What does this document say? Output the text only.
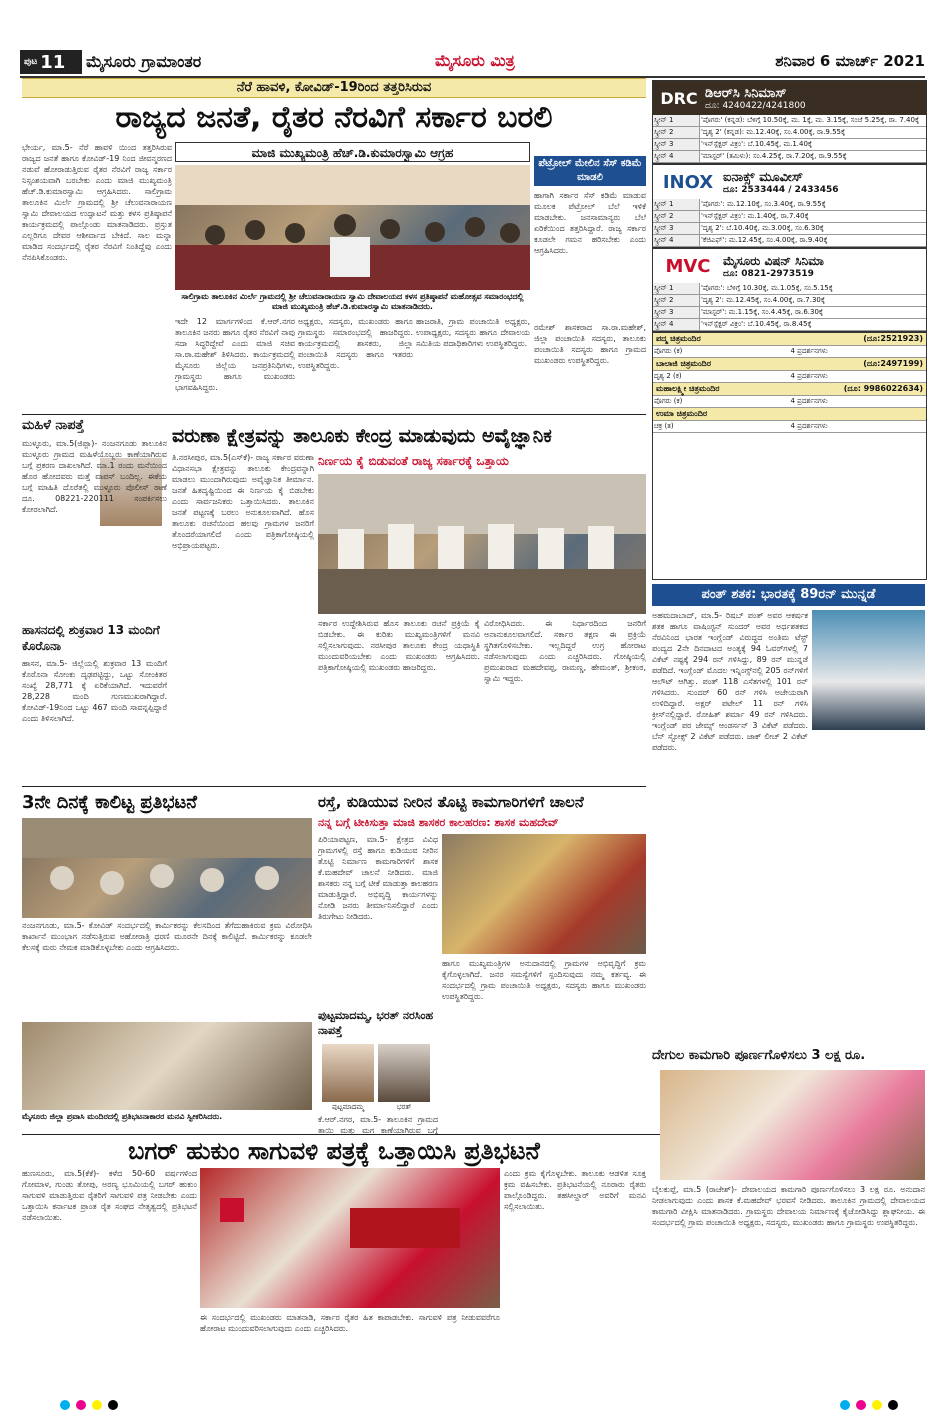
ಪುಟ 11 ಮೈಸೂರು ಗ್ರಾಮಾಂತರ	ಮೈಸೂರು ಮಿತ್ರ	ಶನಿವಾರ 6 ಮಾರ್ಚ್ 2021
ನೆರೆ ಹಾವಳಿ, ಕೋವಿಡ್-19ರಿಂದ ತತ್ತರಿಸಿರುವ
ರಾಜ್ಯದ ಜನತೆ, ರೈತರ ನೆರವಿಗೆ ಸರ್ಕಾರ ಬರಲಿ
ಭೇರ್ಯ, ಮಾ.5- ನೆರೆ ಹಾವಳಿ ಯಿಂದ ತತ್ತರಿಸಿರುವ ರಾಜ್ಯದ ಜನತೆ ಹಾಗೂ ಕೋವಿಡ್-19 ನಿಂದ ಜೀವನ್ಮರಣದ ನಡುವೆ ಹೋರಾಡುತ್ತಿರುವ ರೈತರ ನೆರವಿಗೆ ರಾಜ್ಯ ಸರ್ಕಾರ ನಿಸ್ಸಂಶಯವಾಗಿ ಬರಬೇಕು ಎಂದು ಮಾಜಿ ಮುಖ್ಯಮಂತ್ರಿ ಹೆಚ್.ಡಿ.ಕುಮಾರಸ್ವಾಮಿ ಆಗ್ರಹಿಸಿದರು. ಸಾಲಿಗ್ರಾಮ ತಾಲೂಕಿನ ಮಿರ್ಲೆ ಗ್ರಾಮದಲ್ಲಿ ಶ್ರೀ ಚೆಲುವನಾರಾಯಣ ಸ್ವಾಮಿ ದೇವಾಲಯದ ಉದ್ಘಾಟನೆ ಮತ್ತು ಕಳಸ ಪ್ರತಿಷ್ಠಾಪನೆ ಕಾರ್ಯಕ್ರಮದಲ್ಲಿ ಪಾಲ್ಗೊಂಡು ಮಾತನಾಡಿದರು. ಪ್ರಸ್ತುತ ಎಲ್ಲರಿಗೂ ದೇವರ ಆಶೀರ್ವಾದ ಬೇಕಿದೆ. ಸಾಲ ಮನ್ನಾ ಮಾಡಿದ ಸಂದರ್ಭದಲ್ಲಿ ರೈತರ ನೆರವಿಗೆ ನಿಂತಿದ್ದೆವು ಎಂದು ನೆನಪಿಸಿಕೊಂಡರು.
ಮಾಜಿ ಮುಖ್ಯಮಂತ್ರಿ ಹೆಚ್.ಡಿ.ಕುಮಾರಸ್ವಾಮಿ ಆಗ್ರಹ
ಸಾಲಿಗ್ರಾಮ ತಾಲೂಕಿನ ಮಿರ್ಲೆ ಗ್ರಾಮದಲ್ಲಿ ಶ್ರೀ ಚೆಲುವನಾರಾಯಣ ಸ್ವಾಮಿ ದೇವಾಲಯದ ಕಳಸ ಪ್ರತಿಷ್ಠಾಪನೆ ಮಹೋತ್ಸವ ಸಮಾರಂಭದಲ್ಲಿ ಮಾಜಿ ಮುಖ್ಯಮಂತ್ರಿ ಹೆಚ್.ಡಿ.ಕುಮಾರಸ್ವಾಮಿ ಮಾತನಾಡಿದರು.
ಇದೇ 12 ಮಾರ್ಗಗಳಿಂದ ಕೆ.ಆರ್.ನಗರ ತಾಲೂಕಿನ ಜನರು ಹಾಗೂ ರೈತರ ನೆರವಿಗೆ ನಾವು ಸದಾ ಸಿದ್ಧರಿದ್ದೇವೆ ಎಂದು ಮಾಜಿ ಸಚಿವ ಸಾ.ರಾ.ಮಹೇಶ್ ತಿಳಿಸಿದರು. ಕಾರ್ಯಕ್ರಮದಲ್ಲಿ ಮೈಸೂರು ಜಿಲ್ಲೆಯ ಜನಪ್ರತಿನಿಧಿಗಳು, ಗ್ರಾಮಸ್ಥರು ಹಾಗೂ ಮುಖಂಡರು ಭಾಗವಹಿಸಿದ್ದರು.
ಅಧ್ಯಕ್ಷರು, ಸದಸ್ಯರು, ಮುಖಂಡರು ಹಾಗೂ ಗ್ರಾಮಸ್ಥರು ಸಮಾರಂಭದಲ್ಲಿ ಹಾಜರಿದ್ದರು. ಕಾರ್ಯಕ್ರಮದಲ್ಲಿ ಶಾಸಕರು, ಜಿಲ್ಲಾ ಪಂಚಾಯಿತಿ ಸದಸ್ಯರು ಹಾಗೂ ಇತರರು ಉಪಸ್ಥಿತರಿದ್ದರು.
ಹಾಜರಾತಿ, ಗ್ರಾಮ ಪಂಚಾಯಿತಿ ಅಧ್ಯಕ್ಷರು, ಉಪಾಧ್ಯಕ್ಷರು, ಸದಸ್ಯರು ಹಾಗೂ ದೇವಾಲಯ ಸಮಿತಿಯ ಪದಾಧಿಕಾರಿಗಳು ಉಪಸ್ಥಿತರಿದ್ದರು.
ಪೆಟ್ರೋಲ್ ಮೇಲಿನ ಸೆಸ್ ಕಡಿಮೆ ಮಾಡಲಿ
ಹಾಗಾಗಿ ಸರ್ಕಾರ ಸೆಸ್ ಕಡಿಮೆ ಮಾಡುವ ಮೂಲಕ ಪೆಟ್ರೋಲ್ ಬೆಲೆ ಇಳಿಕೆ ಮಾಡಬೇಕು. ಜನಸಾಮಾನ್ಯರು ಬೆಲೆ ಏರಿಕೆಯಿಂದ ತತ್ತರಿಸಿದ್ದಾರೆ. ರಾಜ್ಯ ಸರ್ಕಾರ ಕೂಡಲೇ ಗಮನ ಹರಿಸಬೇಕು ಎಂದು ಆಗ್ರಹಿಸಿದರು.
ರಮೇಶ್ ಶಾಸಕರಾದ ಸಾ.ರಾ.ಮಹೇಶ್, ಜಿಲ್ಲಾ ಪಂಚಾಯಿತಿ ಸದಸ್ಯರು, ತಾಲೂಕು ಪಂಚಾಯಿತಿ ಸದಸ್ಯರು ಹಾಗೂ ಗ್ರಾಮದ ಮುಖಂಡರು ಉಪಸ್ಥಿತರಿದ್ದರು.
ಮಹಿಳೆ ನಾಪತ್ತೆ
ಮುಳ್ಳೂರು, ಮಾ.5(ಜಿಪ್ಪಾ)- ನಂಜನಗೂಡು ತಾಲೂಕಿನ ಮುಳ್ಳೂರು ಗ್ರಾಮದ ಮಹಿಳೆಯೊಬ್ಬರು ಕಾಣೆಯಾಗಿರುವ ಬಗ್ಗೆ ಪ್ರಕರಣ ದಾಖಲಾಗಿದೆ. ಮಾ.1 ರಂದು ಮನೆಯಿಂದ ಹೊರ ಹೋದವರು ಮತ್ತೆ ವಾಪಸ್ ಬಂದಿಲ್ಲ. ಈಕೆಯ ಬಗ್ಗೆ ಮಾಹಿತಿ ದೊರೆತಲ್ಲಿ ಮುಳ್ಳೂರು ಪೊಲೀಸ್ ಠಾಣೆ ದೂ. 08221-220111 ಸಂಪರ್ಕಿಸಲು ಕೋರಲಾಗಿದೆ.
ಹಾಸನದಲ್ಲಿ ಶುಕ್ರವಾರ 13 ಮಂದಿಗೆ ಕೊರೊನಾ
ಹಾಸನ, ಮಾ.5- ಜಿಲ್ಲೆಯಲ್ಲಿ ಶುಕ್ರವಾರ 13 ಮಂದಿಗೆ ಕೊರೊನಾ ಸೋಂಕು ದೃಢಪಟ್ಟಿದ್ದು, ಒಟ್ಟು ಸೋಂಕಿತರ ಸಂಖ್ಯೆ 28,771 ಕ್ಕೆ ಏರಿಕೆಯಾಗಿದೆ. ಇದುವರೆಗೆ 28,228 ಮಂದಿ ಗುಣಮುಖರಾಗಿದ್ದಾರೆ. ಕೋವಿಡ್-19ನಿಂದ ಒಟ್ಟು 467 ಮಂದಿ ಸಾವನ್ನಪ್ಪಿದ್ದಾರೆ ಎಂದು ತಿಳಿಸಲಾಗಿದೆ.
ವರುಣಾ ಕ್ಷೇತ್ರವನ್ನು ತಾಲೂಕು ಕೇಂದ್ರ ಮಾಡುವುದು ಅವೈಜ್ಞಾನಿಕ
ನಿರ್ಣಯ ಕೈ ಬಿಡುವಂತೆ ರಾಜ್ಯ ಸರ್ಕಾರಕ್ಕೆ ಒತ್ತಾಯ
ತಿ.ನರಸೀಪುರ, ಮಾ.5(ಎಸ್‌ಕೆ)- ರಾಜ್ಯ ಸರ್ಕಾರ ವರುಣಾ ವಿಧಾನಸಭಾ ಕ್ಷೇತ್ರವನ್ನು ತಾಲೂಕು ಕೇಂದ್ರವನ್ನಾಗಿ ಮಾಡಲು ಮುಂದಾಗಿರುವುದು ಅವೈಜ್ಞಾನಿಕ ತೀರ್ಮಾನ. ಜನತೆ ಹಿತದೃಷ್ಟಿಯಿಂದ ಈ ನಿರ್ಣಯ ಕೈ ಬಿಡಬೇಕು ಎಂದು ಸಾರ್ವಜನಿಕರು ಒತ್ತಾಯಿಸಿದರು. ತಾಲೂಕಿನ ಜನತೆ ಪಟ್ಟಣಕ್ಕೆ ಬರಲು ಅನುಕೂಲವಾಗಿದೆ. ಹೊಸ ತಾಲೂಕು ರಚನೆಯಿಂದ ಹಲವು ಗ್ರಾಮಗಳ ಜನರಿಗೆ ತೊಂದರೆಯಾಗಲಿದೆ ಎಂದು ಪತ್ರಿಕಾಗೋಷ್ಠಿಯಲ್ಲಿ ಅಭಿಪ್ರಾಯಪಟ್ಟರು.
ಸರ್ಕಾರ ಉದ್ದೇಶಿಸಿರುವ ಹೊಸ ತಾಲೂಕು ರಚನೆ ಪ್ರಕ್ರಿಯೆ ಕೈ ಬಿಡಬೇಕು. ಈ ಕುರಿತು ಮುಖ್ಯಮಂತ್ರಿಗಳಿಗೆ ಮನವಿ ಸಲ್ಲಿಸಲಾಗುವುದು. ನರಸೀಪುರ ತಾಲೂಕು ಕೇಂದ್ರ ಯಥಾಸ್ಥಿತಿ ಮುಂದುವರಿಯಬೇಕು ಎಂದು ಮುಖಂಡರು ಆಗ್ರಹಿಸಿದರು. ಪತ್ರಿಕಾಗೋಷ್ಠಿಯಲ್ಲಿ ಮುಖಂಡರು ಹಾಜರಿದ್ದರು.
ವಿರೋಧಿಸಿದರು. ಈ ನಿರ್ಧಾರದಿಂದ ಜನರಿಗೆ ಅನಾನುಕೂಲವಾಗಲಿದೆ. ಸರ್ಕಾರ ತಕ್ಷಣ ಈ ಪ್ರಕ್ರಿಯೆ ಸ್ಥಗಿತಗೊಳಿಸಬೇಕು. ಇಲ್ಲದಿದ್ದರೆ ಉಗ್ರ ಹೋರಾಟ ನಡೆಸಲಾಗುವುದು ಎಂದು ಎಚ್ಚರಿಸಿದರು. ಗೋಷ್ಠಿಯಲ್ಲಿ ಪ್ರಮುಖರಾದ ಮಹದೇವಪ್ಪ, ರಾಮಣ್ಣ, ಹೇಮಂತ್, ಶ್ರೀಕಂಠ, ಸ್ವಾಮಿ ಇದ್ದರು.
3ನೇ ದಿನಕ್ಕೆ ಕಾಲಿಟ್ಟ ಪ್ರತಿಭಟನೆ
ನಂಜನಗೂಡು, ಮಾ.5- ಕೋವಿಡ್ ಸಂದರ್ಭದಲ್ಲಿ ಕಾರ್ಮಿಕರನ್ನು ಕೆಲಸದಿಂದ ತೆಗೆದುಹಾಕಿರುವ ಕ್ರಮ ವಿರೋಧಿಸಿ ಕಾರ್ಖಾನೆ ಮುಂಭಾಗ ನಡೆಸುತ್ತಿರುವ ಅಹೋರಾತ್ರಿ ಧರಣಿ ಮೂರನೇ ದಿನಕ್ಕೆ ಕಾಲಿಟ್ಟಿದೆ. ಕಾರ್ಮಿಕರನ್ನು ಕೂಡಲೇ ಕೆಲಸಕ್ಕೆ ಮರು ನೇಮಕ ಮಾಡಿಕೊಳ್ಳಬೇಕು ಎಂದು ಆಗ್ರಹಿಸಿದರು.
ಮೈಸೂರು ಜಿಲ್ಲಾ ಪ್ರವಾಸಿ ಮಂದಿರದಲ್ಲಿ ಪ್ರತಿಭಟನಾಕಾರರ ಮನವಿ ಸ್ವೀಕರಿಸಿದರು.
ರಸ್ತೆ, ಕುಡಿಯುವ ನೀರಿನ ತೊಟ್ಟಿ ಕಾಮಗಾರಿಗಳಿಗೆ ಚಾಲನೆ
ನನ್ನ ಬಗ್ಗೆ ಟೀಕಿಸುತ್ತಾ ಮಾಜಿ ಶಾಸಕರ ಕಾಲಹರಣ: ಶಾಸಕ ಮಹದೇವ್
ಪಿರಿಯಾಪಟ್ಟಣ, ಮಾ.5- ಕ್ಷೇತ್ರದ ವಿವಿಧ ಗ್ರಾಮಗಳಲ್ಲಿ ರಸ್ತೆ ಹಾಗೂ ಕುಡಿಯುವ ನೀರಿನ ತೊಟ್ಟಿ ನಿರ್ಮಾಣ ಕಾಮಗಾರಿಗಳಿಗೆ ಶಾಸಕ ಕೆ.ಮಹದೇವ್ ಚಾಲನೆ ನೀಡಿದರು. ಮಾಜಿ ಶಾಸಕರು ನನ್ನ ಬಗ್ಗೆ ಟೀಕೆ ಮಾಡುತ್ತಾ ಕಾಲಹರಣ ಮಾಡುತ್ತಿದ್ದಾರೆ. ಅಭಿವೃದ್ಧಿ ಕಾರ್ಯಗಳನ್ನು ನೋಡಿ ಜನರು ತೀರ್ಮಾನಿಸಲಿದ್ದಾರೆ ಎಂದು ತಿರುಗೇಟು ನೀಡಿದರು.
ಹಾಗೂ ಮುಖ್ಯಮಂತ್ರಿಗಳ ಅನುದಾನದಲ್ಲಿ ಗ್ರಾಮಗಳ ಅಭಿವೃದ್ಧಿಗೆ ಕ್ರಮ ಕೈಗೊಳ್ಳಲಾಗಿದೆ. ಜನರ ಸಮಸ್ಯೆಗಳಿಗೆ ಸ್ಪಂದಿಸುವುದು ನಮ್ಮ ಕರ್ತವ್ಯ. ಈ ಸಂದರ್ಭದಲ್ಲಿ ಗ್ರಾಮ ಪಂಚಾಯಿತಿ ಅಧ್ಯಕ್ಷರು, ಸದಸ್ಯರು ಹಾಗೂ ಮುಖಂಡರು ಉಪಸ್ಥಿತರಿದ್ದರು.
ಪುಟ್ಟಮಾದಮ್ಮ, ಭರತ್ ನರಸಿಂಹ ನಾಪತ್ತೆ
ಪುಟ್ಟಮಾದಮ್ಮ	ಭರತ್
ಕೆ.ಆರ್.ನಗರ, ಮಾ.5- ತಾಲೂಕಿನ ಗ್ರಾಮದ ತಾಯಿ ಮತ್ತು ಮಗ ಕಾಣೆಯಾಗಿರುವ ಬಗ್ಗೆ
ಬಗರ್ ಹುಕುಂ ಸಾಗುವಳಿ ಪತ್ರಕ್ಕೆ ಒತ್ತಾಯಿಸಿ ಪ್ರತಿಭಟನೆ
ಹುಣಸೂರು, ಮಾ.5(ಕೆಕೆ)- ಕಳೆದ 50-60 ವರ್ಷಗಳಿಂದ ಗೋಮಾಳ, ಗುಂಡು ತೋಪು, ಅರಣ್ಯ ಭೂಮಿಯಲ್ಲಿ ಬಗರ್ ಹುಕುಂ ಸಾಗುವಳಿ ಮಾಡುತ್ತಿರುವ ರೈತರಿಗೆ ಸಾಗುವಳಿ ಪತ್ರ ನೀಡಬೇಕು ಎಂದು ಒತ್ತಾಯಿಸಿ ಕರ್ನಾಟಕ ಪ್ರಾಂತ ರೈತ ಸಂಘದ ನೇತೃತ್ವದಲ್ಲಿ ಪ್ರತಿಭಟನೆ ನಡೆಸಲಾಯಿತು.
ಈ ಸಂದರ್ಭದಲ್ಲಿ ಮುಖಂಡರು ಮಾತನಾಡಿ, ಸರ್ಕಾರ ರೈತರ ಹಿತ ಕಾಪಾಡಬೇಕು. ಸಾಗುವಳಿ ಪತ್ರ ನೀಡುವವರೆಗೂ ಹೋರಾಟ ಮುಂದುವರಿಸಲಾಗುವುದು ಎಂದು ಎಚ್ಚರಿಸಿದರು.
ಎಂದು ಕ್ರಮ ಕೈಗೊಳ್ಳಬೇಕು. ತಾಲೂಕು ಆಡಳಿತ ಸೂಕ್ತ ಕ್ರಮ ವಹಿಸಬೇಕು. ಪ್ರತಿಭಟನೆಯಲ್ಲಿ ನೂರಾರು ರೈತರು ಪಾಲ್ಗೊಂಡಿದ್ದರು. ತಹಸೀಲ್ದಾರ್ ಅವರಿಗೆ ಮನವಿ ಸಲ್ಲಿಸಲಾಯಿತು.
DRC ಡಿಆರ್‌ಸಿ ಸಿನಿಮಾಸ್
ದೂ: 4240422/4241800
ಸ್ಕ್ರೀನ್ 1	'ಪೊಗರು' (ಕನ್ನಡ): ಬೆಳಿಗ್ಗೆ 10.50ಕ್ಕೆ, ಮ. 1ಕ್ಕೆ, ಮ. 3.15ಕ್ಕೆ, ಸಂಜೆ 5.25ಕ್ಕೆ, ರಾ. 7.40ಕ್ಕೆ
ಸ್ಕ್ರೀನ್ 2	'ದೃಶ್ಯ 2' (ಕನ್ನಡ): ಮ.12.40ಕ್ಕೆ, ಸಂ.4.00ಕ್ಕೆ, ರಾ.9.55ಕ್ಕೆ
ಸ್ಕ್ರೀನ್ 3	'ಇನ್‌ಸ್ಪೆಕ್ಟರ್ ವಿಕ್ರಂ': ಬೆ.10.45ಕ್ಕೆ, ಮ.1.40ಕ್ಕೆ
ಸ್ಕ್ರೀನ್ 4	'ಮಾಸ್ಟರ್' (ತಮಿಳು): ಸಂ.4.25ಕ್ಕೆ, ರಾ.7.20ಕ್ಕೆ, ರಾ.9.55ಕ್ಕೆ
INOX ಐನಾಕ್ಸ್ ಮೂವೀಸ್
ದೂ: 2533444 / 2433456
ಸ್ಕ್ರೀನ್ 1	'ಪೊಗರು': ಮ.12.10ಕ್ಕೆ, ಸಂ.3.40ಕ್ಕೆ, ರಾ.9.55ಕ್ಕೆ
ಸ್ಕ್ರೀನ್ 2	'ಇನ್‌ಸ್ಪೆಕ್ಟರ್ ವಿಕ್ರಂ': ಮ.1.40ಕ್ಕೆ, ರಾ.7.40ಕ್ಕೆ
ಸ್ಕ್ರೀನ್ 3	'ದೃಶ್ಯ 2': ಬೆ.10.40ಕ್ಕೆ, ಮ.3.00ಕ್ಕೆ, ಸಂ.6.30ಕ್ಕೆ
ಸ್ಕ್ರೀನ್ 4	'ಕೆಜಿಎಫ್': ಮ.12.45ಕ್ಕೆ, ಸಂ.4.00ಕ್ಕೆ, ರಾ.9.40ಕ್ಕೆ
MVC	ಮೈಸೂರು ವಿಷನ್ ಸಿನಿಮಾ
ದೂ: 0821-2973519
ಸ್ಕ್ರೀನ್ 1	'ಪೊಗರು': ಬೆಳಿಗ್ಗೆ 10.30ಕ್ಕೆ, ಮ.1.05ಕ್ಕೆ, ಸಂ.5.15ಕ್ಕೆ
ಸ್ಕ್ರೀನ್ 2	'ದೃಶ್ಯ 2': ಮ.12.45ಕ್ಕೆ, ಸಂ.4.00ಕ್ಕೆ, ರಾ.7.30ಕ್ಕೆ
ಸ್ಕ್ರೀನ್ 3	'ಮಾಸ್ಟರ್': ಮ.1.15ಕ್ಕೆ, ಸಂ.4.45ಕ್ಕೆ, ರಾ.6.30ಕ್ಕೆ
ಸ್ಕ್ರೀನ್ 4	'ಇನ್‌ಸ್ಪೆಕ್ಟರ್ ವಿಕ್ರಂ': ಬೆ.10.45ಕ್ಕೆ, ರಾ.8.45ಕ್ಕೆ
ಪದ್ಮ ಚಿತ್ರಮಂದಿರ	(ದೂ:2521923)
ಪೊಗರು (ಕ)	4 ಪ್ರದರ್ಶನಗಳು
ಬಾಲಾಜಿ ಚಿತ್ರಮಂದಿರ	(ದೂ:2497199)
ದೃಶ್ಯ 2 (ಕ)	4 ಪ್ರದರ್ಶನಗಳು
ಮಹಾಲಕ್ಷ್ಮೀ ಚಿತ್ರಮಂದಿರ	(ದೂ: 9986022634)
ಪೊಗರು (ಕ)	4 ಪ್ರದರ್ಶನಗಳು
ಉಮಾ ಚಿತ್ರಮಂದಿರ
ಚಕ್ರ (ತ)	4 ಪ್ರದರ್ಶನಗಳು
ಪಂತ್ ಶತಕ: ಭಾರತಕ್ಕೆ 89ರನ್ ಮುನ್ನಡೆ
ಅಹಮದಾಬಾದ್, ಮಾ.5- ರಿಷಬ್ ಪಂತ್ ಅವರ ಆಕರ್ಷಕ ಶತಕ ಹಾಗೂ ವಾಷಿಂಗ್ಟನ್ ಸುಂದರ್ ಅವರ ಅರ್ಧಶತಕದ ನೆರವಿನಿಂದ ಭಾರತ ಇಂಗ್ಲೆಂಡ್ ವಿರುದ್ಧದ ಅಂತಿಮ ಟೆಸ್ಟ್ ಪಂದ್ಯದ 2ನೇ ದಿನದಾಟದ ಅಂತ್ಯಕ್ಕೆ 94 ಓವರ್‌ಗಳಲ್ಲಿ 7 ವಿಕೆಟ್ ನಷ್ಟಕ್ಕೆ 294 ರನ್ ಗಳಿಸಿದ್ದು, 89 ರನ್ ಮುನ್ನಡೆ ಪಡೆದಿದೆ. ಇಂಗ್ಲೆಂಡ್ ಮೊದಲ ಇನ್ನಿಂಗ್ಸ್‌ನಲ್ಲಿ 205 ರನ್‌ಗಳಿಗೆ ಆಲೌಟ್ ಆಗಿತ್ತು. ಪಂತ್ 118 ಎಸೆತಗಳಲ್ಲಿ 101 ರನ್ ಗಳಿಸಿದರು. ಸುಂದರ್ 60 ರನ್ ಗಳಿಸಿ ಅಜೇಯರಾಗಿ ಉಳಿದಿದ್ದಾರೆ. ಅಕ್ಷರ್ ಪಟೇಲ್ 11 ರನ್ ಗಳಿಸಿ ಕ್ರೀಸ್‌ನಲ್ಲಿದ್ದಾರೆ. ರೋಹಿತ್ ಶರ್ಮಾ 49 ರನ್ ಗಳಿಸಿದರು. ಇಂಗ್ಲೆಂಡ್ ಪರ ಜೇಮ್ಸ್ ಆಂಡರ್ಸನ್ 3 ವಿಕೆಟ್ ಪಡೆದರು. ಬೆನ್ ಸ್ಟೋಕ್ಸ್ 2 ವಿಕೆಟ್ ಪಡೆದರು. ಜಾಕ್ ಲೀಚ್ 2 ವಿಕೆಟ್ ಪಡೆದರು.
ದೇಗುಲ ಕಾಮಗಾರಿ ಪೂರ್ಣಗೊಳಿಸಲು 3 ಲಕ್ಷ ರೂ.
ಬೈಲಕುಪ್ಪೆ, ಮಾ.5 (ರಾಜೇಶ್)- ದೇವಾಲಯದ ಕಾಮಗಾರಿ ಪೂರ್ಣಗೊಳಿಸಲು 3 ಲಕ್ಷ ರೂ. ಅನುದಾನ ನೀಡಲಾಗುವುದು ಎಂದು ಶಾಸಕ ಕೆ.ಮಹದೇವ್ ಭರವಸೆ ನೀಡಿದರು. ತಾಲೂಕಿನ ಗ್ರಾಮದಲ್ಲಿ ದೇವಾಲಯದ ಕಾಮಗಾರಿ ವೀಕ್ಷಿಸಿ ಮಾತನಾಡಿದರು. ಗ್ರಾಮಸ್ಥರು ದೇವಾಲಯ ನಿರ್ಮಾಣಕ್ಕೆ ಕೈಜೋಡಿಸಿದ್ದು ಶ್ಲಾಘನೀಯ. ಈ ಸಂದರ್ಭದಲ್ಲಿ ಗ್ರಾಮ ಪಂಚಾಯಿತಿ ಅಧ್ಯಕ್ಷರು, ಸದಸ್ಯರು, ಮುಖಂಡರು ಹಾಗೂ ಗ್ರಾಮಸ್ಥರು ಉಪಸ್ಥಿತರಿದ್ದರು.
